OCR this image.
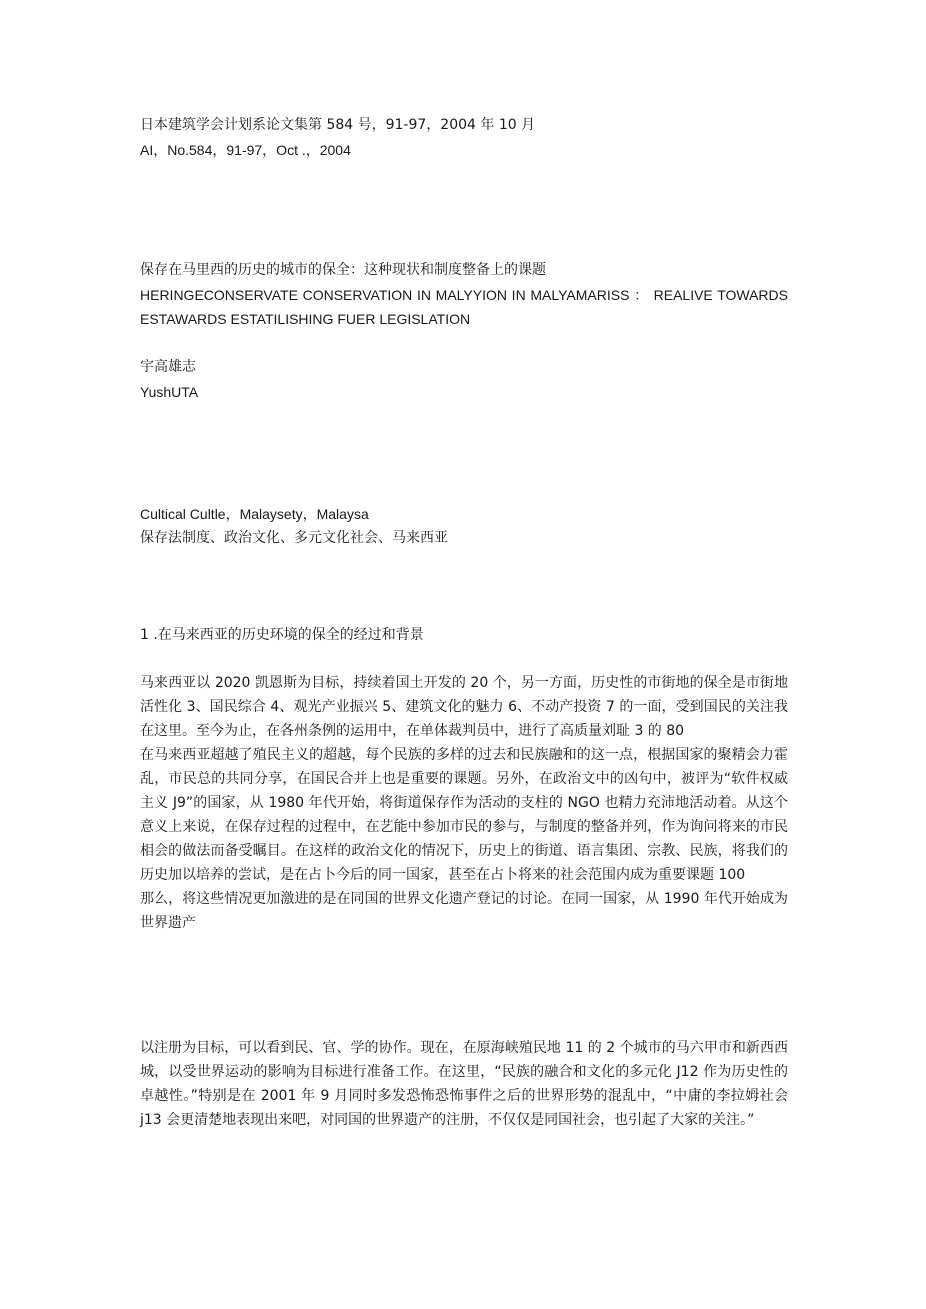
日本建筑学会计划系论文集第 584 号，91-97，2004 年 10 月

AI，No.584，91-97，Oct .，2004

保存在马里西的历史的城市的保全：这种现状和制度整备上的课题

HERINGECONSERVATE CONSERVATION IN MALYYION IN MALYAMARISS ： REALIVE TOWARDS

ESTAWARDS ESTATILISHING FUER LEGISLATION

宇高雄志

YushUTA

Cultical Cultle，Malaysety，Malaysa

保存法制度、政治文化、多元文化社会、马来西亚

1 .在马来西亚的历史环境的保全的经过和背景

马来西亚以 2020 凯恩斯为目标，持续着国土开发的 20 个，另一方面，历史性的市街地的保全是市街地活性化 3、国民综合 4、观光产业振兴 5、建筑文化的魅力 6、不动产投资 7 的一面，受到国民的关注我在这里。至今为止，在各州条例的运用中，在单体裁判员中，进行了高质量刘耻 3 的 80
在马来西亚超越了殖民主义的超越，每个民族的多样的过去和民族融和的这一点，根据国家的聚精会力霍乱，市民总的共同分享，在国民合并上也是重要的课题。另外，在政治文中的凶句中，被评为“软件权威主义 J9”的国家，从 1980 年代开始，将街道保存作为活动的支柱的 NGO 也精力充沛地活动着。从这个意义上来说，在保存过程的过程中，在艺能中参加市民的参与，与制度的整备并列，作为询问将来的市民相会的做法而备受瞩目。在这样的政治文化的情况下，历史上的街道、语言集团、宗教、民族，将我们的历史加以培养的尝试，是在占卜今后的同一国家，甚至在占卜将来的社会范围内成为重要课题 100
那么，将这些情况更加激进的是在同国的世界文化遗产登记的讨论。在同一国家，从 1990 年代开始成为世界遗产
以注册为目标，可以看到民、官、学的协作。现在，在原海峡殖民地 11 的 2 个城市的马六甲市和新西西城，以受世界运动的影响为目标进行准备工作。在这里，“民族的融合和文化的多元化 J12 作为历史性的卓越性。”特别是在 2001 年 9 月同时多发恐怖恐怖事件之后的世界形势的混乱中，“中庸的李拉姆社会 j13 会更清楚地表现出来吧，对同国的世界遗产的注册，不仅仅是同国社会，也引起了大家的关注。”
